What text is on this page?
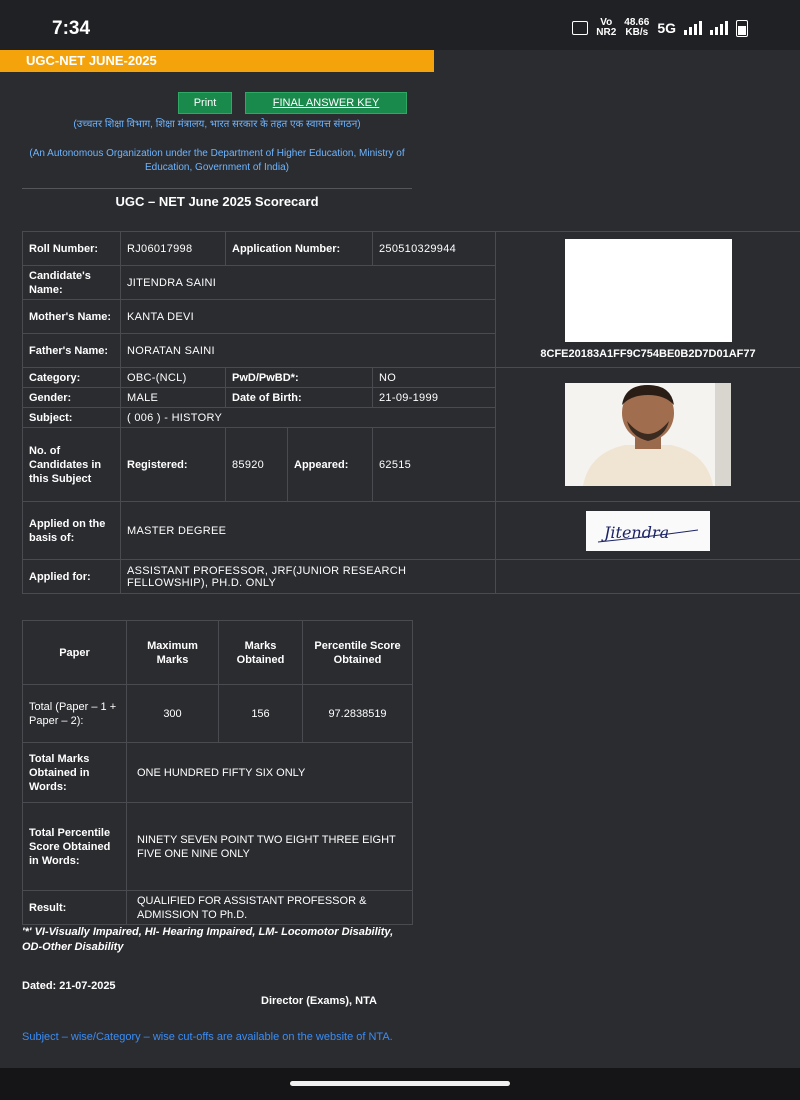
7:34	Vo
NR2
48.66
KB/s 5G
UGC-NET JUNE-2025
Print	FINAL ANSWER KEY
(उच्चतर शिक्षा विभाग, शिक्षा मंत्रालय, भारत सरकार के तहत एक स्वायत्त संगठन)
(An Autonomous Organization under the Department of Higher Education, Ministry of Education, Government of India)
UGC – NET June 2025 Scorecard
Roll Number:	RJ06017998	Application Number:		250510329944	8CFE20183A1FF9C754BE0B2D7D01AF77

Candidate's Name:	JITENDRA SAINI				
Mother's Name:	KANTA DEVI				
Father's Name:	NORATAN SAINI				
Category:	OBC-(NCL)	PwD/PwBD*:		NO	

Gender:	MALE	Date of Birth:		21-09-1999	
Subject:	( 006 ) - HISTORY				
No. of Candidates in this Subject	Registered:	85920	Appeared:	62515	
Applied on the basis of:	MASTER DEGREE				Jitendra

Applied for:	ASSISTANT PROFESSOR, JRF(JUNIOR RESEARCH FELLOWSHIP), PH.D. ONLY				
Paper	Maximum Marks	Marks Obtained	Percentile Score Obtained
Total (Paper – 1 + Paper – 2):	300	156	97.2838519
Total Marks Obtained in Words:	ONE HUNDRED FIFTY SIX ONLY		
Total Percentile Score Obtained in Words:	NINETY SEVEN POINT TWO EIGHT THREE EIGHT FIVE ONE NINE ONLY		
Result:	QUALIFIED FOR ASSISTANT PROFESSOR & ADMISSION TO Ph.D.		
'*' VI-Visually Impaired, HI- Hearing Impaired, LM- Locomotor Disability, OD-Other Disability
Dated: 21-07-2025
Director (Exams), NTA
Subject – wise/Category – wise cut-offs are available on the website of NTA.
